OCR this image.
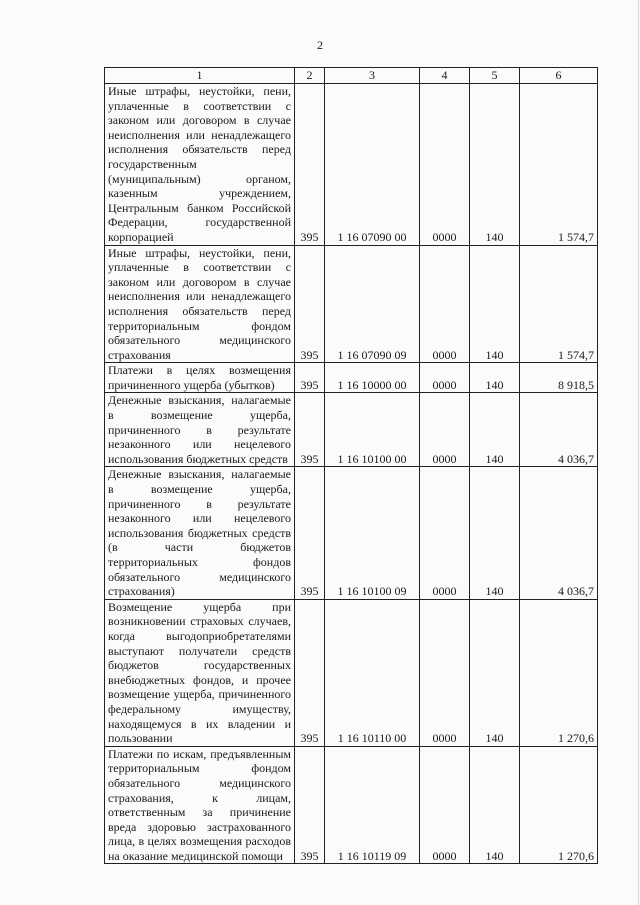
2
1	2	3	4	5	6
Иные штрафы, неустойки, пени, уплаченные в соответствии с законом или договором в случае неисполнения или ненадлежащего исполнения обязательств перед государственным (муниципальным) органом, казенным учреждением, Центральным банком Российской Федерации, государственной корпорацией	395	1 16 07090 00	0000	140	1 574,7
Иные штрафы, неустойки, пени, уплаченные в соответствии с законом или договором в случае неисполнения или ненадлежащего исполнения обязательств перед территориальным фондом обязательного медицинского страхования	395	1 16 07090 09	0000	140	1 574,7
Платежи в целях возмещения причиненного ущерба (убытков)	395	1 16 10000 00	0000	140	8 918,5
Денежные взыскания, налагаемые в возмещение ущерба, причиненного в результате незаконного или нецелевого использования бюджетных средств	395	1 16 10100 00	0000	140	4 036,7
Денежные взыскания, налагаемые в возмещение ущерба, причиненного в результате незаконного или нецелевого использования бюджетных средств (в части бюджетов территориальных фондов обязательного медицинского страхования)	395	1 16 10100 09	0000	140	4 036,7
Возмещение ущерба при возникновении страховых случаев, когда выгодоприобретателями выступают получатели средств бюджетов государственных внебюджетных фондов, и прочее возмещение ущерба, причиненного федеральному имуществу, находящемуся в их владении и пользовании	395	1 16 10110 00	0000	140	1 270,6
Платежи по искам, предъявленным территориальным фондом обязательного медицинского страхования, к лицам, ответственным за причинение вреда здоровью застрахованного лица, в целях возмещения расходов на оказание медицинской помощи	395	1 16 10119 09	0000	140	1 270,6
